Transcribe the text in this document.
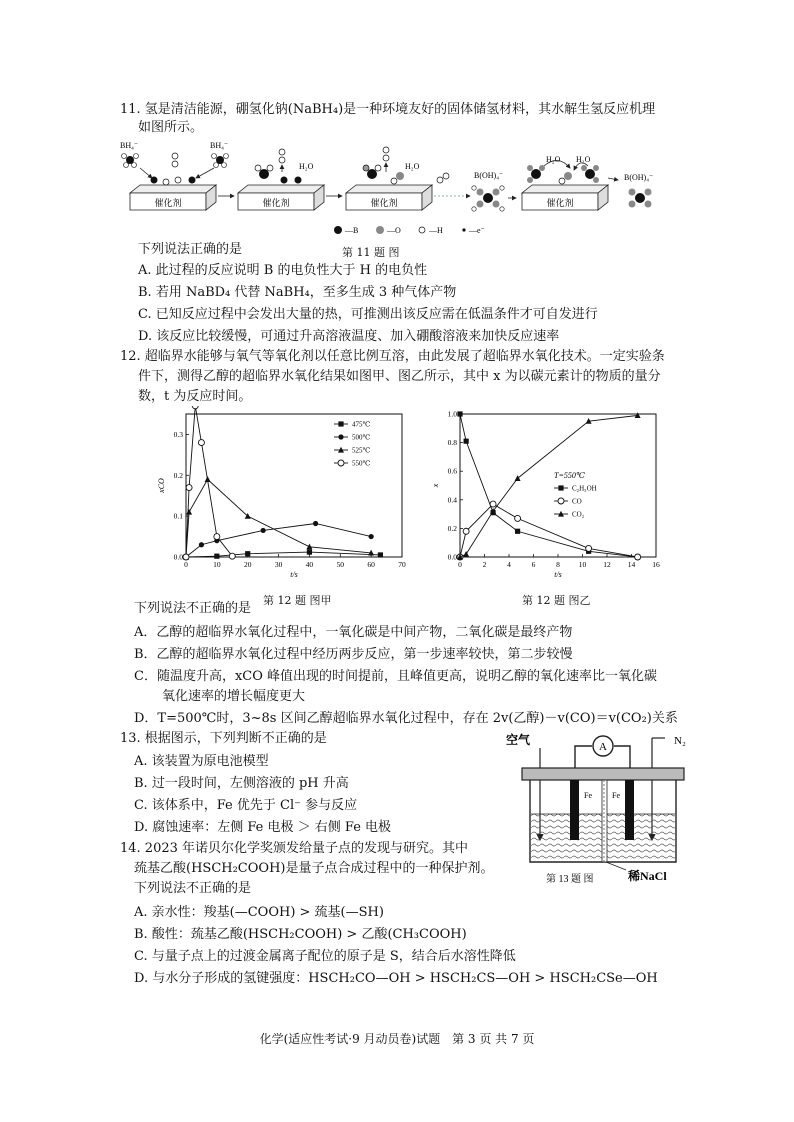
11. 氢是清洁能源，硼氢化钠(NaBH₄)是一种环境友好的固体储氢材料，其水解生氢反应机理
如图所示。
催化剂
BH₄⁻	BH₄⁻
催化剂
H₂O
催化剂
H₂O
B(OH)₄⁻
催化剂
H₂O H₂O
B(OH)₄⁻
—B	—O	—H	—e⁻
下列说法正确的是	第 11 题 图
A. 此过程的反应说明 B 的电负性大于 H 的电负性
B. 若用 NaBD₄ 代替 NaBH₄，至多生成 3 种气体产物
C. 已知反应过程中会发出大量的热，可推测出该反应需在低温条件才可自发进行
D. 该反应比较缓慢，可通过升高溶液温度、加入硼酸溶液来加快反应速率
12. 超临界水能够与氧气等氧化剂以任意比例互溶，由此发展了超临界水氧化技术。一定实验条
件下，测得乙醇的超临界水氧化结果如图甲、图乙所示，其中 x 为以碳元素计的物质的量分
数，t 为反应时间。
0	10	20	30	40	50	60	70
0.0
0.1
0.2
0.3
t/s
xCO
475℃
500℃
525℃
550℃
0	2	4	6	8	10 12 14 16
0.0
0.2
0.4
0.6
0.8
1.0
t/s
x
T=550℃
C₂H₅OH
CO
CO₂
第 12 题 图甲	第 12 题 图乙
下列说法不正确的是
A．乙醇的超临界水氧化过程中，一氧化碳是中间产物，二氧化碳是最终产物
B．乙醇的超临界水氧化过程中经历两步反应，第一步速率较快，第二步较慢
C．随温度升高，xCO 峰值出现的时间提前，且峰值更高，说明乙醇的氧化速率比一氧化碳
氧化速率的增长幅度更大
D．T=500℃时，3~8s 区间乙醇超临界水氧化过程中，存在 2v(乙醇)－v(CO)＝v(CO₂)关系
13. 根据图示，下列判断不正确的是
A. 该装置为原电池模型
B. 过一段时间，左侧溶液的 pH 升高
C. 该体系中，Fe 优先于 Cl⁻ 参与反应
D. 腐蚀速率：左侧 Fe 电极 ＞ 右侧 Fe 电极
空气	N₂
A
Fe	Fe
稀NaCl
第 13 题 图
14. 2023 年诺贝尔化学奖颁发给量子点的发现与研究。其中
巯基乙酸(HSCH₂COOH)是量子点合成过程中的一种保护剂。
下列说法不正确的是
A. 亲水性：羧基(—COOH) > 巯基(—SH)
B. 酸性：巯基乙酸(HSCH₂COOH) > 乙酸(CH₃COOH)
C. 与量子点上的过渡金属离子配位的原子是 S，结合后水溶性降低
D. 与水分子形成的氢键强度：HSCH₂CO—OH > HSCH₂CS—OH > HSCH₂CSe—OH
化学(适应性考试·9 月动员卷)试题 第 3 页 共 7 页
